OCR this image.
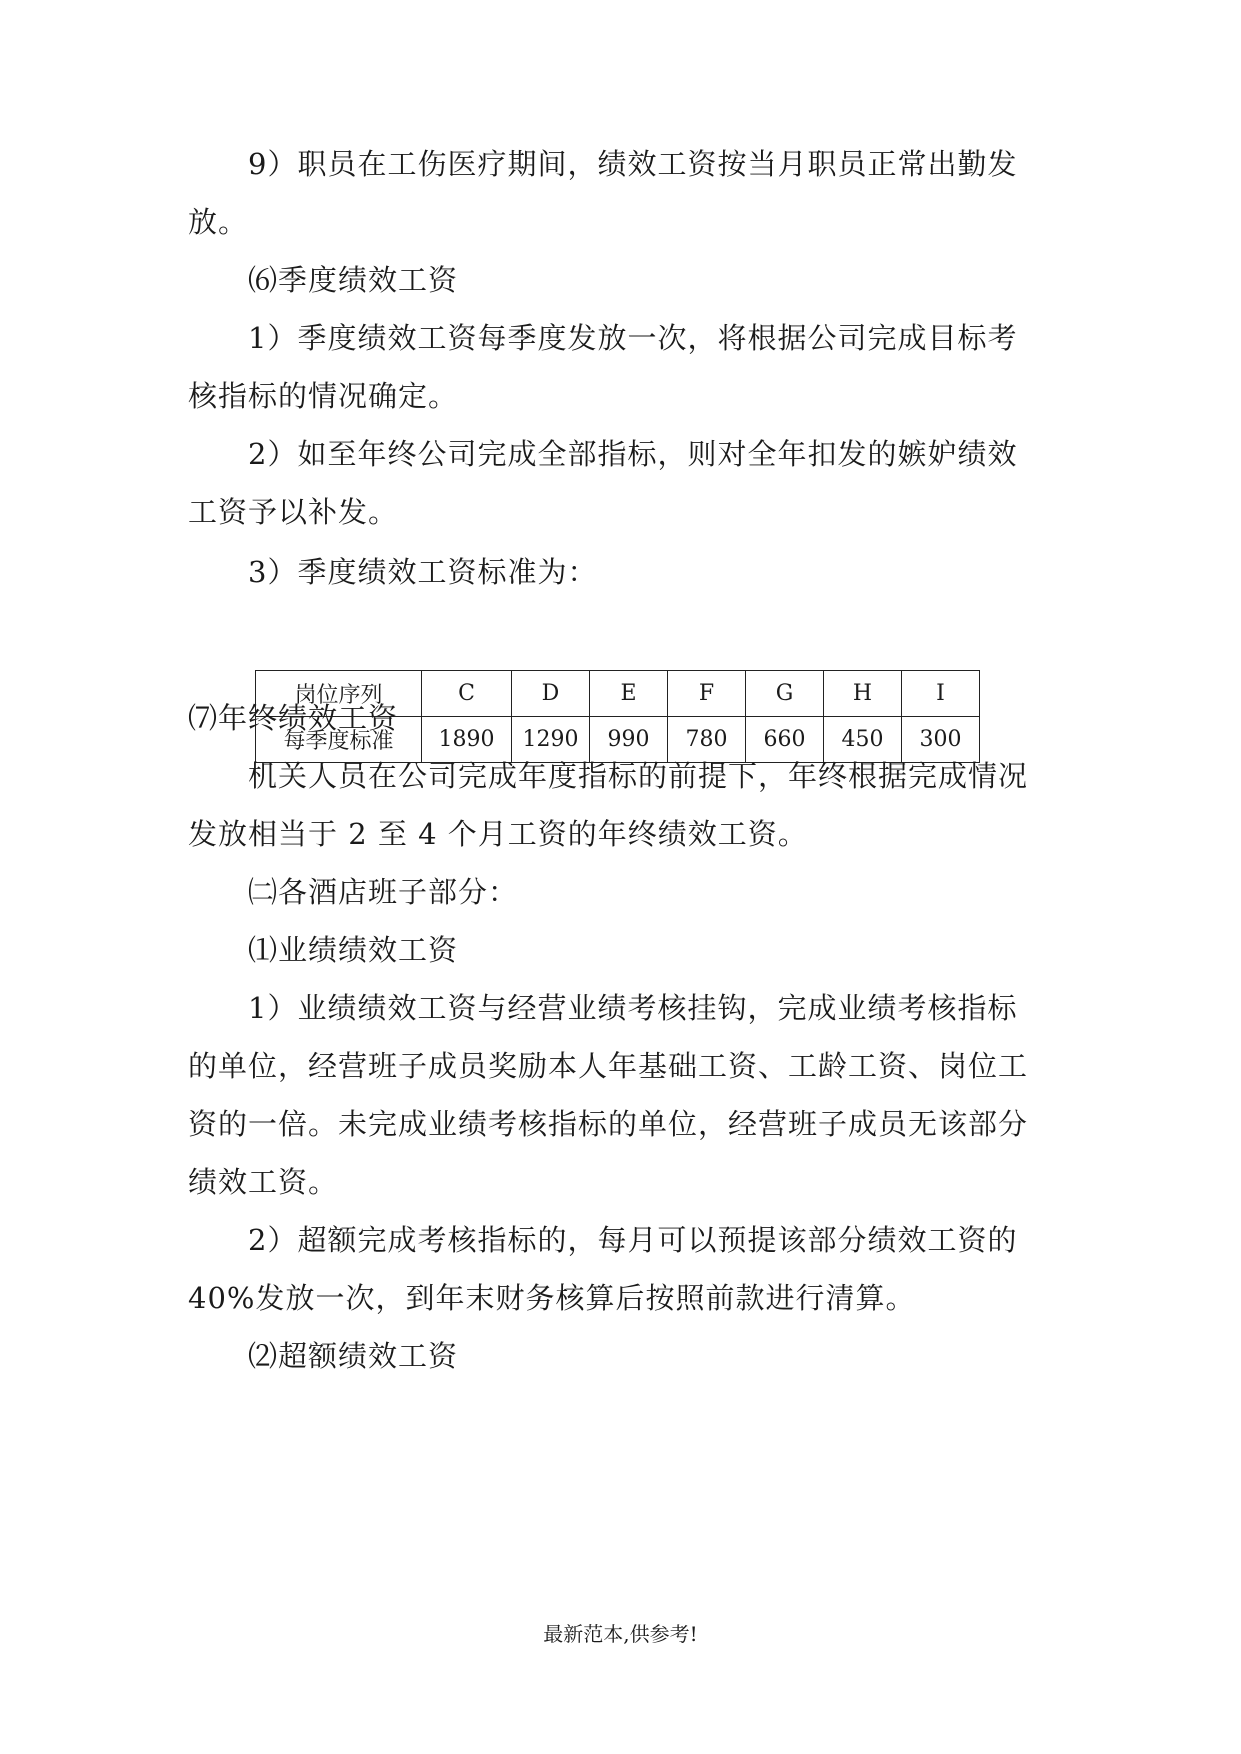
9）职员在工伤医疗期间，绩效工资按当月职员正常出勤发
放。
⑹季度绩效工资
1）季度绩效工资每季度发放一次，将根据公司完成目标考
核指标的情况确定。
2）如至年终公司完成全部指标，则对全年扣发的嫉妒绩效
工资予以补发。
3）季度绩效工资标准为：
岗位序列	C	D	E	F	G	H	I
每季度标准	1890	1290	990	780	660	450	300
⑺年终绩效工资
机关人员在公司完成年度指标的前提下，年终根据完成情况
发放相当于 2 至 4 个月工资的年终绩效工资。
㈡各酒店班子部分：
⑴业绩绩效工资
1）业绩绩效工资与经营业绩考核挂钩，完成业绩考核指标
的单位，经营班子成员奖励本人年基础工资、工龄工资、岗位工
资的一倍。未完成业绩考核指标的单位，经营班子成员无该部分
绩效工资。
2）超额完成考核指标的，每月可以预提该部分绩效工资的
40%发放一次，到年末财务核算后按照前款进行清算。
⑵超额绩效工资
最新范本,供参考!
